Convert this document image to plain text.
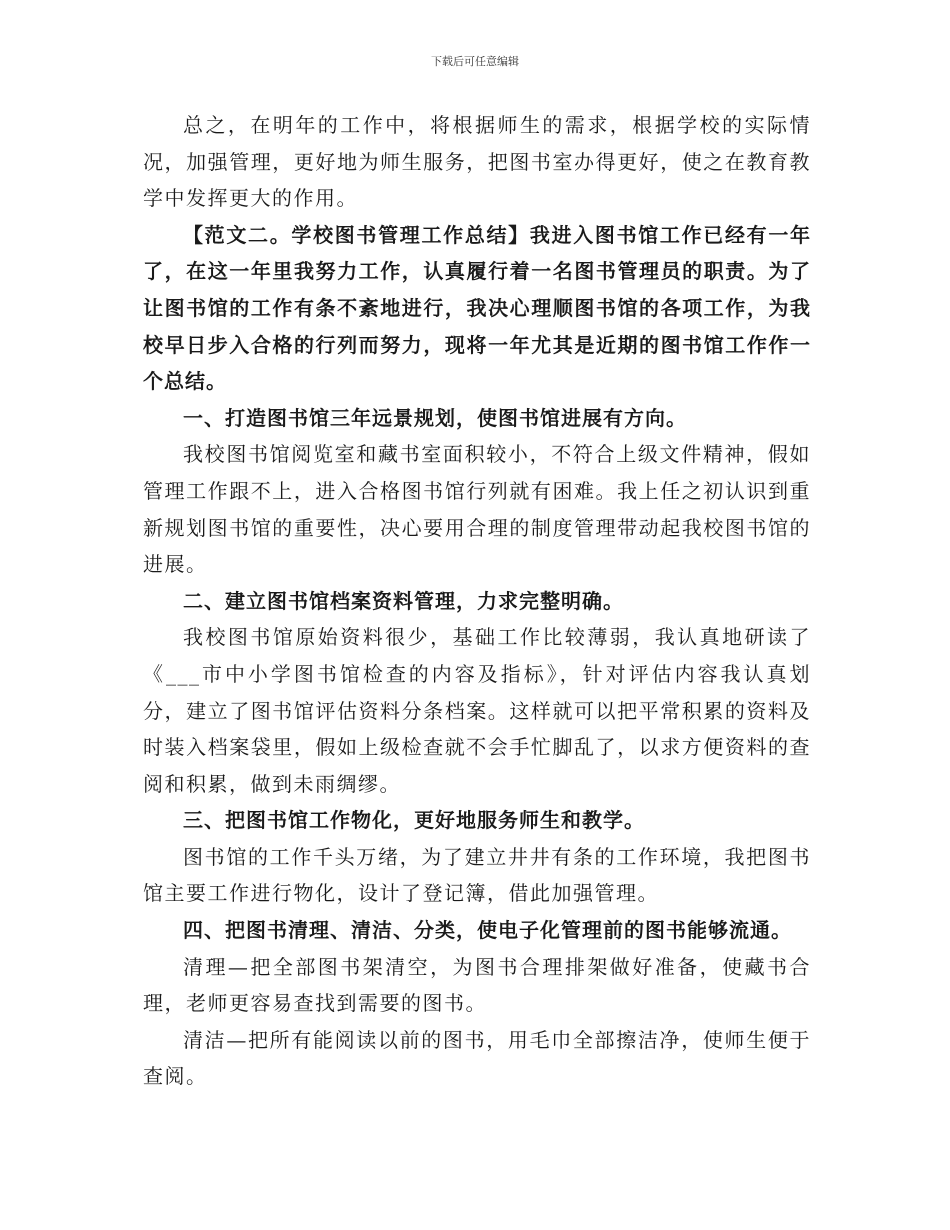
下载后可任意编辑

总之，在明年的工作中，将根据师生的需求，根据学校的实际情况，加强管理，更好地为师生服务，把图书室办得更好，使之在教育教学中发挥更大的作用。

【范文二。学校图书管理工作总结】我进入图书馆工作已经有一年了，在这一年里我努力工作，认真履行着一名图书管理员的职责。为了让图书馆的工作有条不紊地进行，我决心理顺图书馆的各项工作，为我校早日步入合格的行列而努力，现将一年尤其是近期的图书馆工作作一个总结。

一、打造图书馆三年远景规划，使图书馆进展有方向。

我校图书馆阅览室和藏书室面积较小，不符合上级文件精神，假如管理工作跟不上，进入合格图书馆行列就有困难。我上任之初认识到重新规划图书馆的重要性，决心要用合理的制度管理带动起我校图书馆的进展。

二、建立图书馆档案资料管理，力求完整明确。

我校图书馆原始资料很少，基础工作比较薄弱，我认真地研读了《___市中小学图书馆检查的内容及指标》，针对评估内容我认真划分，建立了图书馆评估资料分条档案。这样就可以把平常积累的资料及时装入档案袋里，假如上级检查就不会手忙脚乱了，以求方便资料的查阅和积累，做到未雨绸缪。

三、把图书馆工作物化，更好地服务师生和教学。

图书馆的工作千头万绪，为了建立井井有条的工作环境，我把图书馆主要工作进行物化，设计了登记簿，借此加强管理。

四、把图书清理、清洁、分类，使电子化管理前的图书能够流通。

清理—把全部图书架清空，为图书合理排架做好准备，使藏书合理，老师更容易查找到需要的图书。

清洁—把所有能阅读以前的图书，用毛巾全部擦洁净，使师生便于查阅。
